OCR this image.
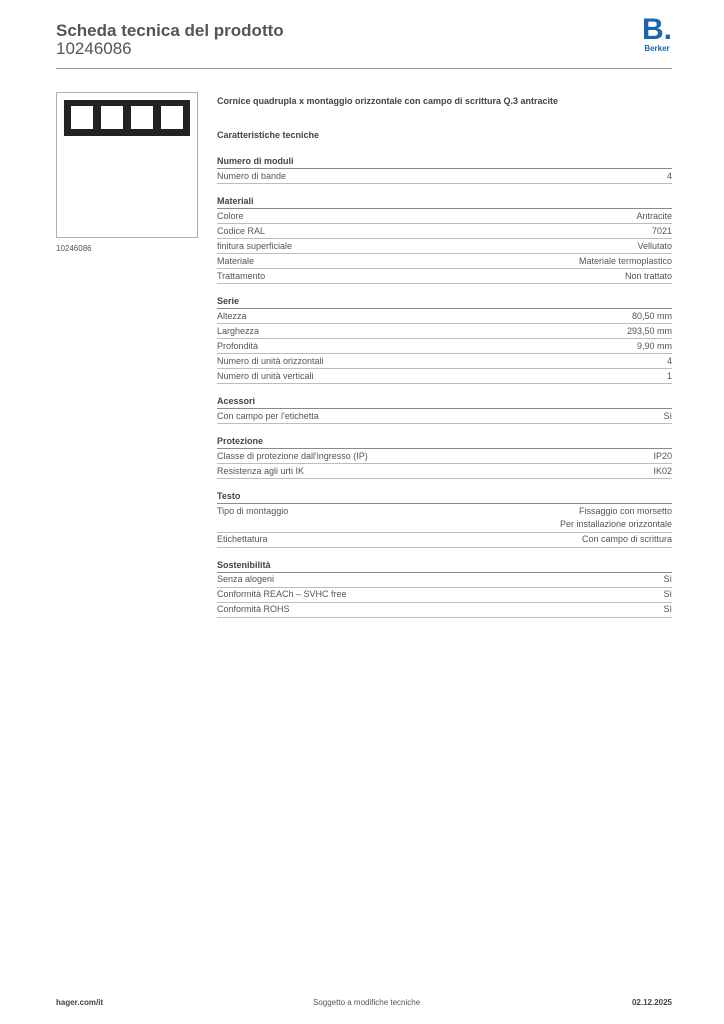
Scheda tecnica del prodotto
10246086
B.
Berker
10246086
Cornice quadrupla x montaggio orizzontale con campo di scrittura Q.3 antracite
Caratteristiche tecniche
Numero di moduli
Numero di bande	4
Materiali
Colore	Antracite
Codice RAL	7021
finitura superficiale	Vellutato
Materiale	Materiale termoplastico
Trattamento	Non trattato
Serie
Altezza	80,50 mm
Larghezza	293,50 mm
Profondità	9,90 mm
Numero di unità orizzontali	4
Numero di unità verticali	1
Acessori
Con campo per l'etichetta	Sì
Protezione
Classe di protezione dall'ingresso (IP)	IP20
Resistenza agli urti IK	IK02
Testo
Tipo di montaggio	Fissaggio con morsetto
Per installazione orizzontale
Etichettatura	Con campo di scrittura
Sostenibilità
Senza alogeni	Sì
Conformità REACh – SVHC free	Sì
Conformità ROHS	Sì
hager.com/it	Soggetto a modifiche tecniche	02.12.2025
